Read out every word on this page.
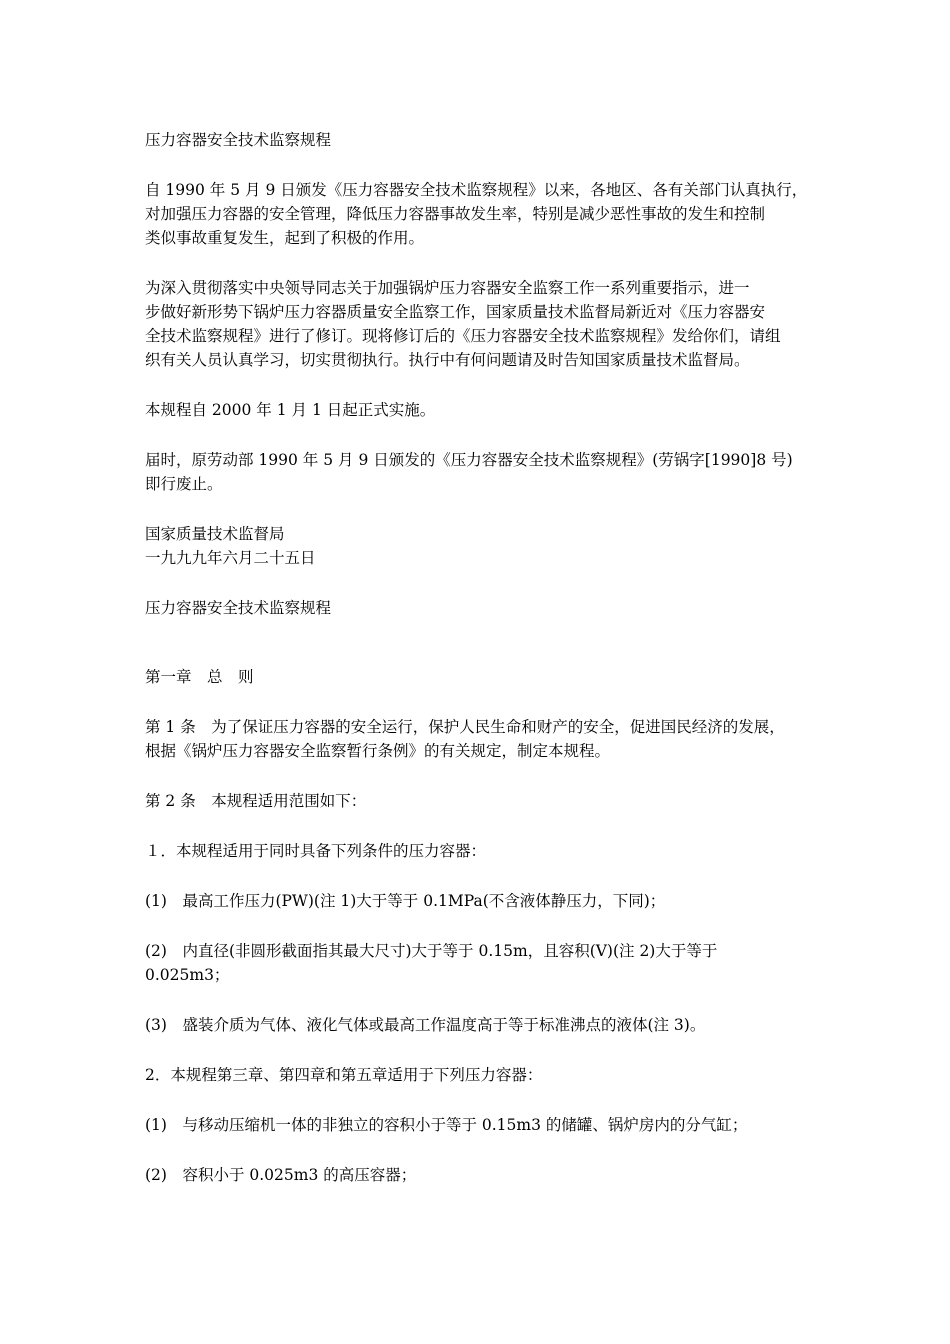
压力容器安全技术监察规程

自 1990 年 5 月 9 日颁发《压力容器安全技术监察规程》以来，各地区、各有关部门认真执行，
对加强压力容器的安全管理，降低压力容器事故发生率，特别是减少恶性事故的发生和控制
类似事故重复发生，起到了积极的作用。

为深入贯彻落实中央领导同志关于加强锅炉压力容器安全监察工作一系列重要指示，进一
步做好新形势下锅炉压力容器质量安全监察工作，国家质量技术监督局新近对《压力容器安
全技术监察规程》进行了修订。现将修订后的《压力容器安全技术监察规程》发给你们，请组
织有关人员认真学习，切实贯彻执行。执行中有何问题请及时告知国家质量技术监督局。

本规程自 2000 年 1 月 1 日起正式实施。

届时，原劳动部 1990 年 5 月 9 日颁发的《压力容器安全技术监察规程》(劳锅字[1990]8 号)
即行废止。

国家质量技术监督局
一九九九年六月二十五日

压力容器安全技术监察规程

第一章　总　则

第 1 条　为了保证压力容器的安全运行，保护人民生命和财产的安全，促进国民经济的发展，
根据《锅炉压力容器安全监察暂行条例》的有关规定，制定本规程。

第 2 条　本规程适用范围如下：

１．本规程适用于同时具备下列条件的压力容器：

(1)　最高工作压力(PW)(注 1)大于等于 0.1MPa(不含液体静压力，下同)；

(2)　内直径(非圆形截面指其最大尺寸)大于等于 0.15m，且容积(V)(注 2)大于等于
0.025m3；

(3)　盛装介质为气体、液化气体或最高工作温度高于等于标准沸点的液体(注 3)。

2．本规程第三章、第四章和第五章适用于下列压力容器：

(1)　与移动压缩机一体的非独立的容积小于等于 0.15m3 的储罐、锅炉房内的分气缸；

(2)　容积小于 0.025m3 的高压容器；
